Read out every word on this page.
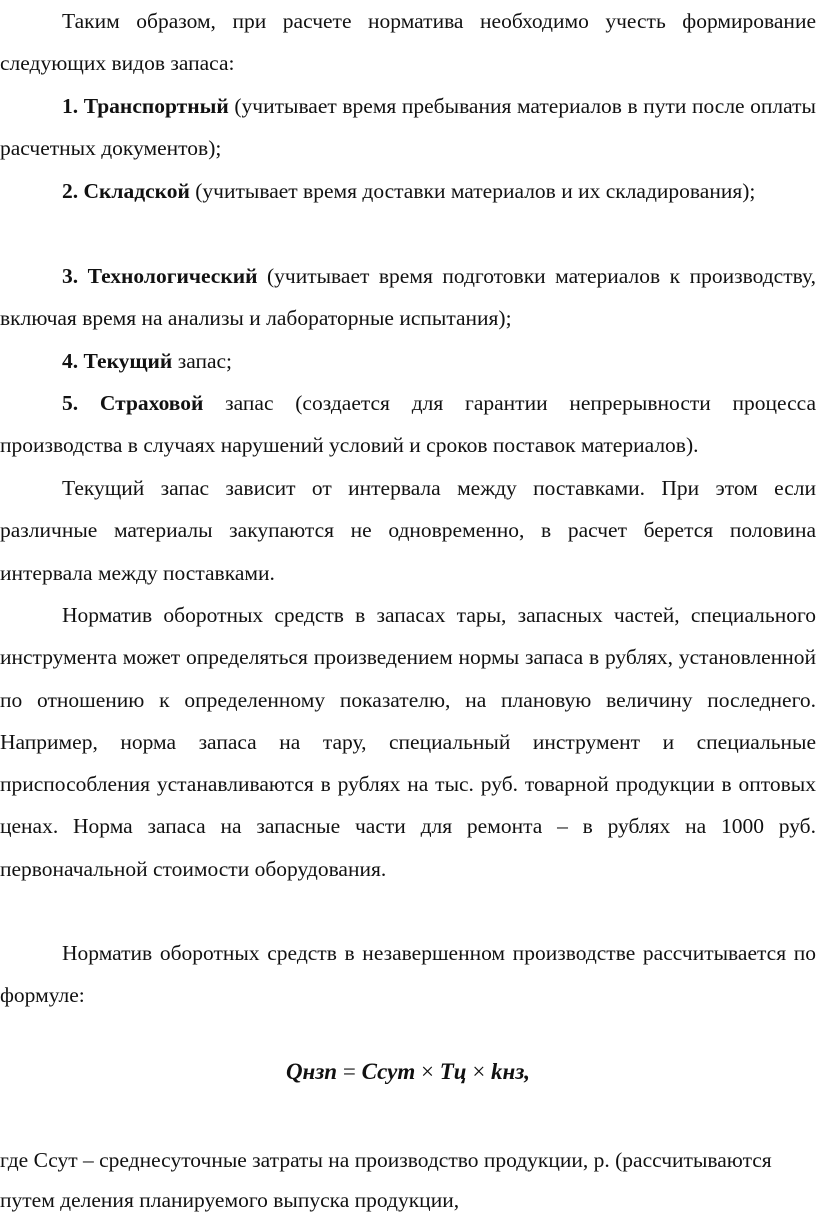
Таким образом, при расчете норматива необходимо учесть формирование следующих видов запаса:

1. Транспортный (учитывает время пребывания материалов в пути после оплаты расчетных документов);

2. Складской (учитывает время доставки материалов и их складирования);

3. Технологический (учитывает время подготовки материалов к производству, включая время на анализы и лабораторные испытания);

4. Текущий запас;

5. Страховой запас (создается для гарантии непрерывности процесса производства в случаях нарушений условий и сроков поставок материалов).

Текущий запас зависит от интервала между поставками. При этом если различные материалы закупаются не одновременно, в расчет берется половина интервала между поставками.

Норматив оборотных средств в запасах тары, запасных частей, специального инструмента может определяться произведением нормы запаса в рублях, установленной по отношению к определенному показателю, на плановую величину последнего. Например, норма запаса на тару, специальный инструмент и специальные приспособления устанавливаются в рублях на тыс. руб. товарной продукции в оптовых ценах. Норма запаса на запасные части для ремонта – в рублях на 1000 руб. первоначальной стоимости оборудования.

Норматив оборотных средств в незавершенном производстве рассчитывается по формуле:

Qнзп = Ссут × Тц × kнз,

где Ссут – среднесуточные затраты на производство продукции, р. (рассчитываются путем деления планируемого выпуска продукции,
